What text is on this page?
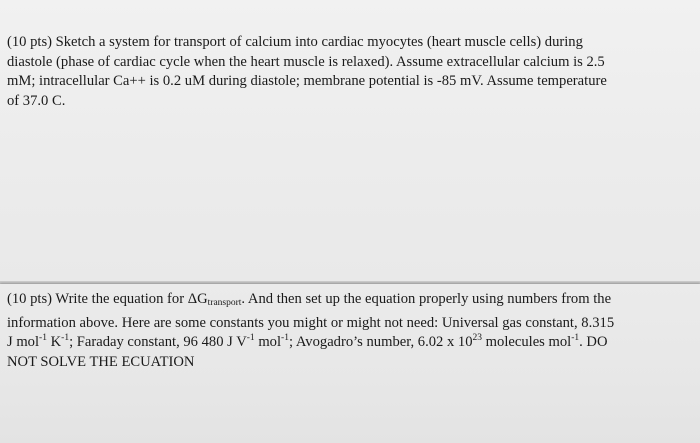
(10 pts) Sketch a system for transport of calcium into cardiac myocytes (heart muscle cells) during
diastole (phase of cardiac cycle when the heart muscle is relaxed). Assume extracellular calcium is 2.5
mM; intracellular Ca++ is 0.2 uM during diastole; membrane potential is -85 mV. Assume temperature
of 37.0 C.

(10 pts) Write the equation for $\Delta G_{transport}$. And then set up the equation properly using numbers from the
information above. Here are some constants you might or might not need: Universal gas constant, 8.315
J mol$^{-1}$ $K^{-1}$; Faraday constant, 96 480 J $V^{-1}$ mol$^{-1}$; Avogadro’s number, 6.02 x $10^{23}$ molecules mol$^{-1}$. DO
NOT SOLVE THE ECUATION
